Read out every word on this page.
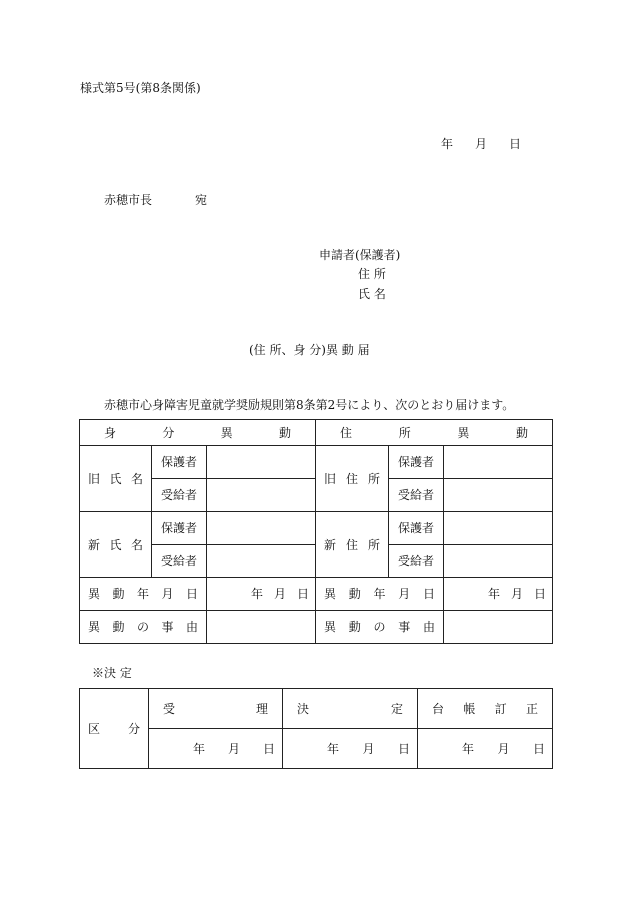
様式第5号(第8条関係)
年 月 日
赤穂市長	宛
申請者(保護者)
住 所
氏 名
(住 所、身 分)異 動 届
赤穂市心身障害児童就学奨励規則第8条第2号により、次のとおり届けます。
身 分 異 動			住 所 異 動		

旧 氏 名	保護者		旧 住 所	保護者	
	受給者			受給者	

新 氏 名	保護者		新 住 所	保護者	
	受給者			受給者	

異 動 年 月 日		年 月 日	異 動 年 月 日		年 月 日

異 動 の 事 由			異 動 の 事 由		

※決 定
区 分	受 理	決 定	台 帳 訂 正

	年 月 日	年 月 日	年 月 日
